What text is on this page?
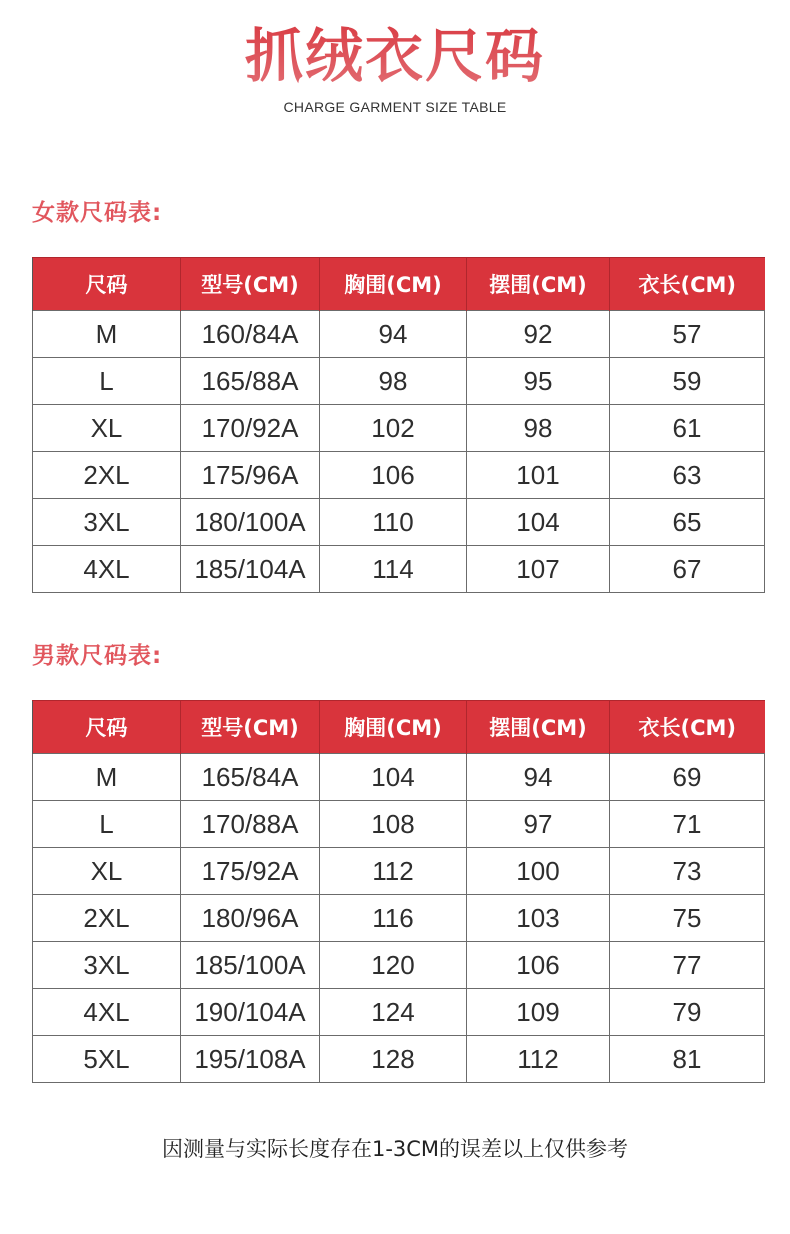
抓绒衣尺码
CHARGE GARMENT SIZE TABLE
女款尺码表:
尺码	型号(CM)	胸围(CM)	摆围(CM)	衣长(CM)
M	160/84A	94	92	57
L	165/88A	98	95	59
XL	170/92A	102	98	61
2XL	175/96A	106	101	63
3XL	180/100A	110	104	65
4XL	185/104A	114	107	67
男款尺码表:
尺码	型号(CM)	胸围(CM)	摆围(CM)	衣长(CM)
M	165/84A	104	94	69
L	170/88A	108	97	71
XL	175/92A	112	100	73
2XL	180/96A	116	103	75
3XL	185/100A	120	106	77
4XL	190/104A	124	109	79
5XL	195/108A	128	112	81
因测量与实际长度存在1-3CM的误差以上仅供参考
